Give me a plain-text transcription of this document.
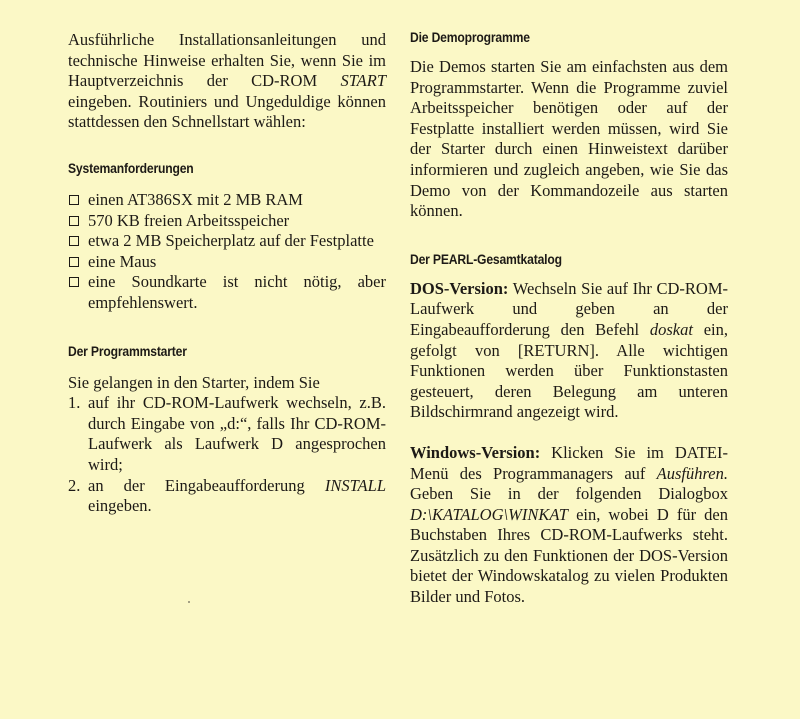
Ausführliche Installationsanleitungen und technische Hinweise erhalten Sie, wenn Sie im Hauptverzeichnis der CD-ROM START eingeben. Routiniers und Ungeduldige können stattdessen den Schnellstart wählen:

Systemanforderungen
einen AT386SX mit 2 MB RAM
570 KB freien Arbeitsspeicher
etwa 2 MB Speicherplatz auf der Festplatte
eine Maus
eine Soundkarte ist nicht nötig, aber empfehlenswert.
Der Programmstarter

Sie gelangen in den Starter, indem Sie

1. auf ihr CD-ROM-Laufwerk wechseln, z.B. durch Eingabe von „d:“, falls Ihr CD-ROM-Laufwerk als Laufwerk D angesprochen wird;
2. an der Eingabeaufforderung INSTALL eingeben.
Die Demoprogramme

Die Demos starten Sie am einfachsten aus dem Programmstarter. Wenn die Programme zuviel Arbeitsspeicher benötigen oder auf der Festplatte installiert werden müssen, wird Sie der Starter durch einen Hinweistext darüber informieren und zugleich angeben, wie Sie das Demo von der Kommandozeile aus starten können.

Der PEARL-Gesamtkatalog

DOS-Version: Wechseln Sie auf Ihr CD-ROM-Laufwerk und geben an der Eingabeaufforderung den Befehl doskat ein, gefolgt von [RETURN]. Alle wichtigen Funktionen werden über Funktionstasten gesteuert, deren Belegung am unteren Bildschirmrand angezeigt wird.

Windows-Version: Klicken Sie im DATEI-Menü des Programmanagers auf Ausführen. Geben Sie in der folgenden Dialogbox D:\KATALOG\WINKAT ein, wobei D für den Buchstaben Ihres CD-ROM-Laufwerks steht. Zusätzlich zu den Funktionen der DOS-Version bietet der Windowskatalog zu vielen Produkten Bilder und Fotos.
